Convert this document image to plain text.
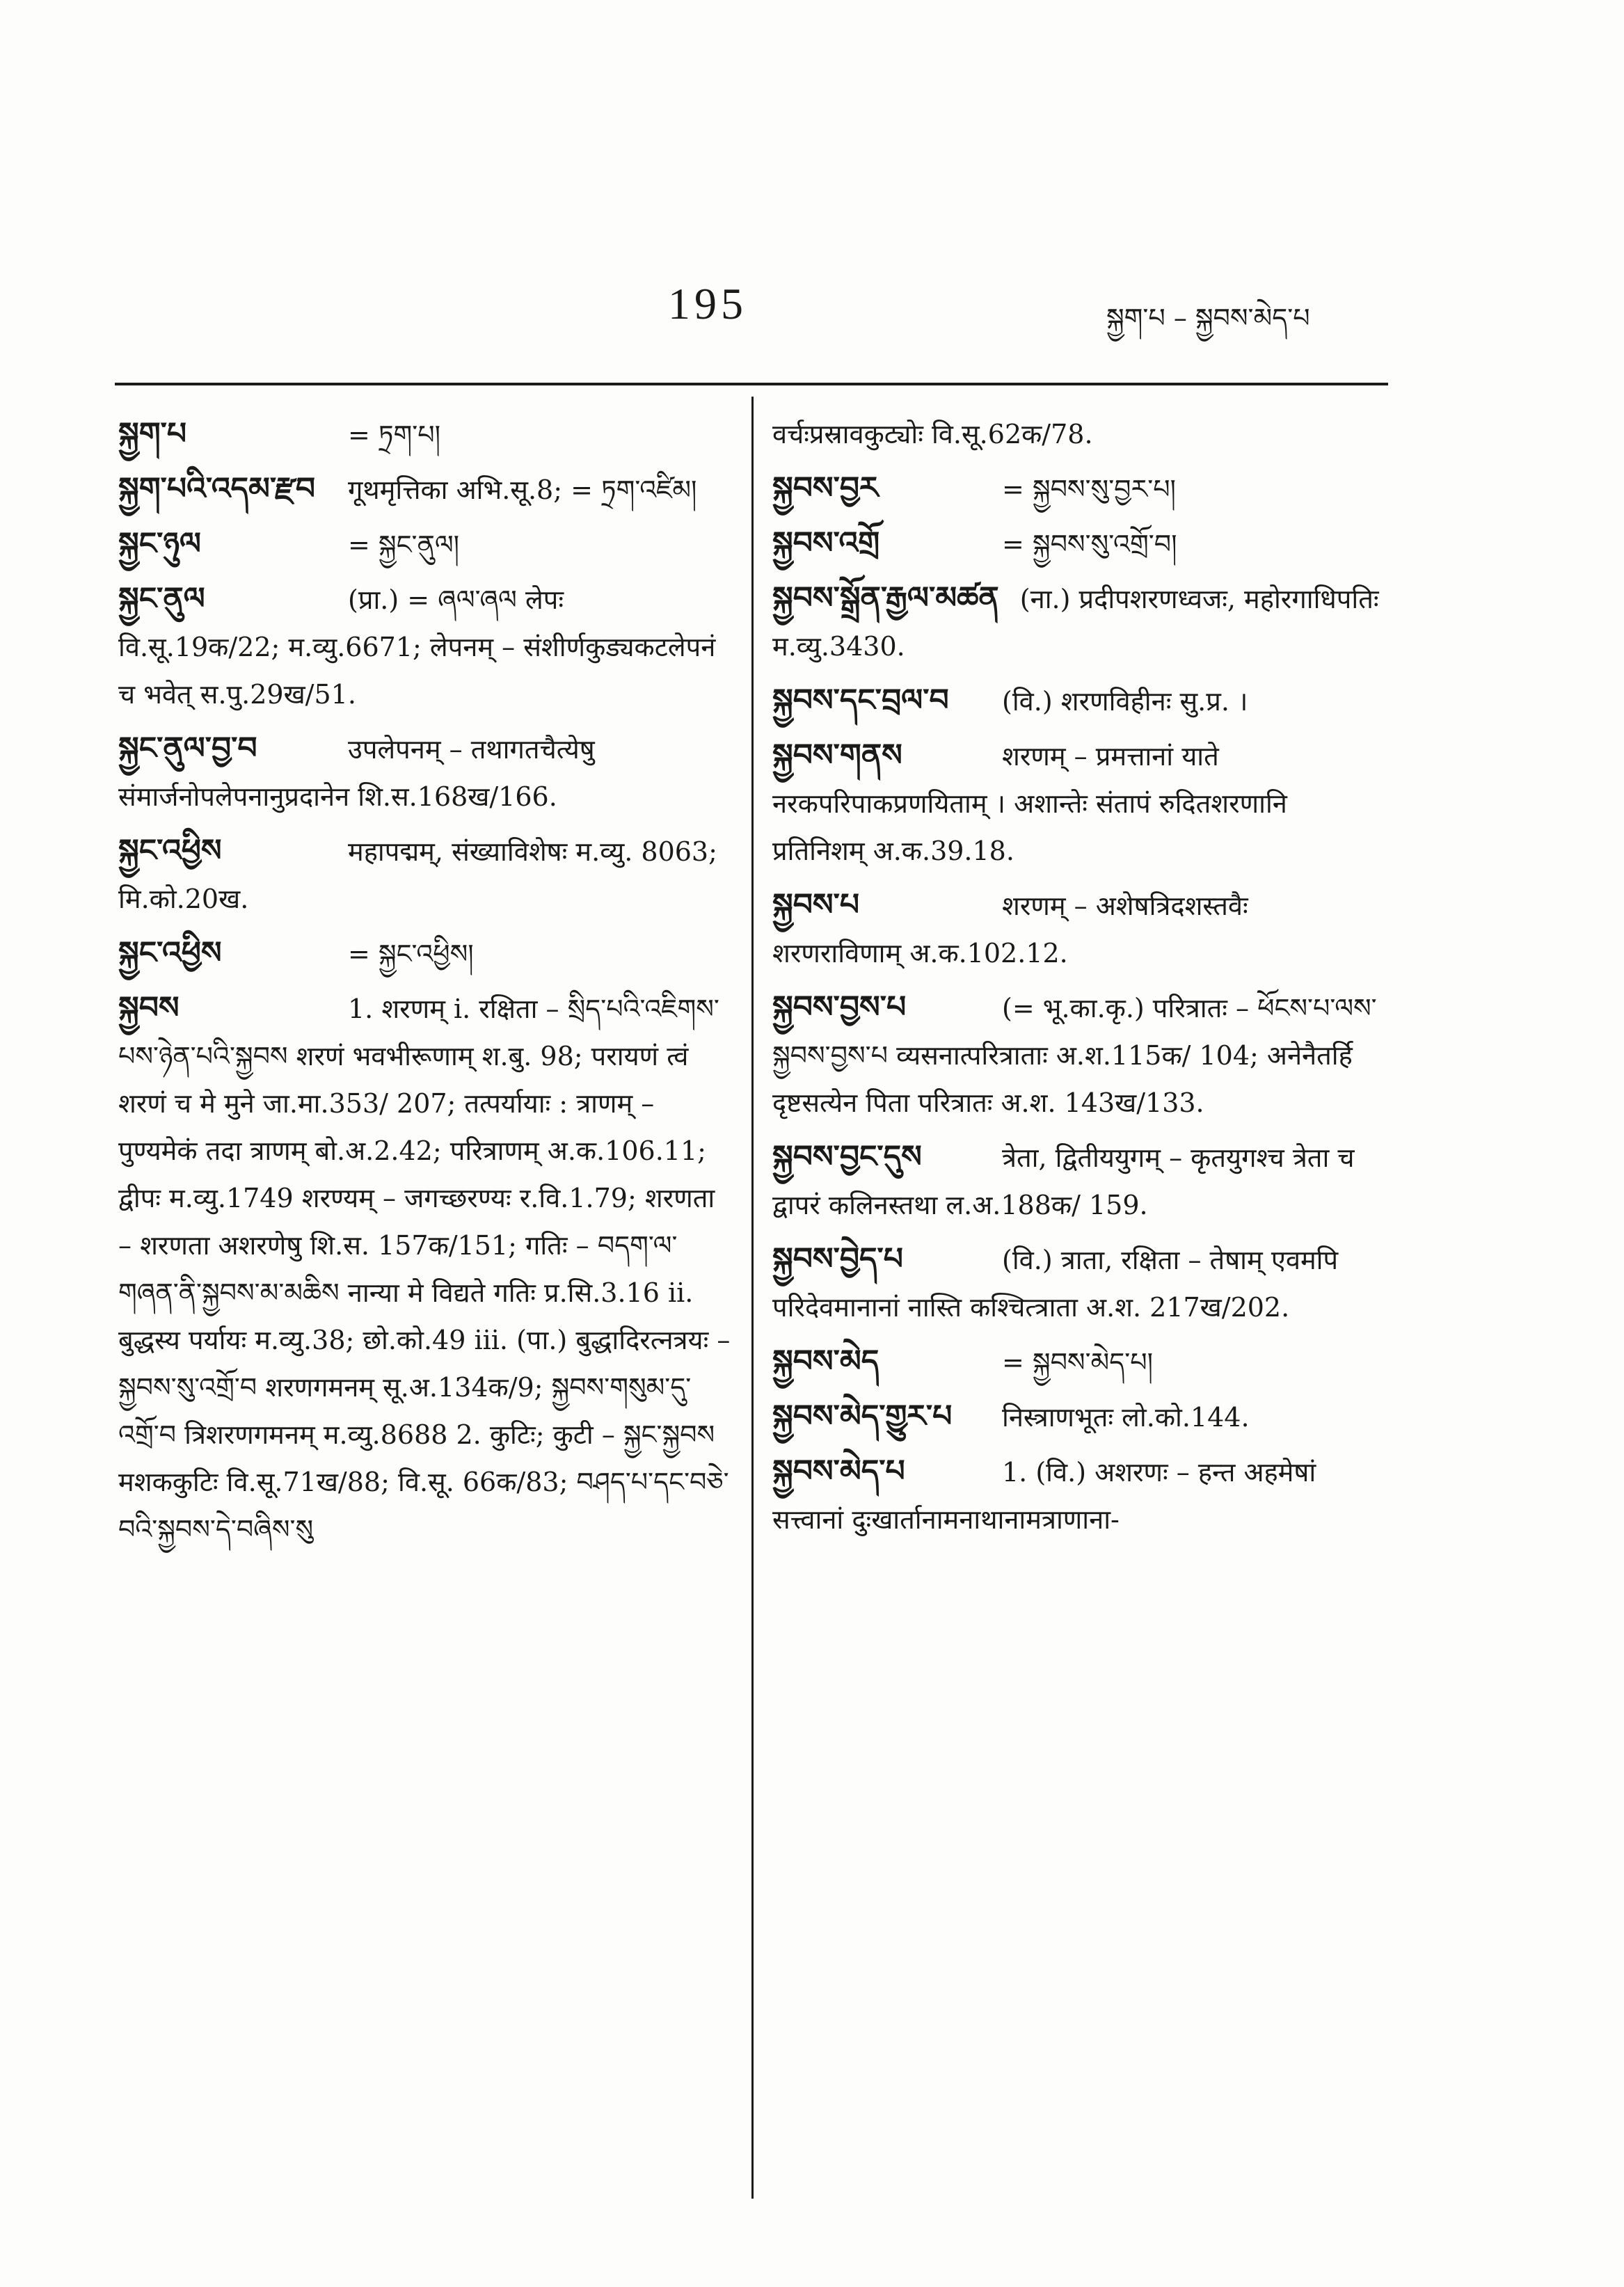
195	སྐྱག་པ – སྐྱབས་མེད་པ
སྐྱག་པ	= ཏྲག་པ།
སྐྱག་པའི་འདམ་རྫབ गूथमृत्तिका अभि.सू.8; = ཏྲག་འཛིམ།
སྐྱང་ཉུལ	= སྐྱང་ནུལ།
སྐྱང་ནུལ	(प्रा.) = ཞལ་ཞལ लेपः वि.सू.19क/22; म.व्यु.6671; लेपनम् – संशीर्णकुड्यकटलेपनं च भवेत् स.पु.29ख/51.
སྐྱང་ནུལ་བྱ་བ	उपलेपनम् – तथागतचैत्येषु संमार्जनोपलेपनानुप्रदानेन शि.स.168ख/166.
སྐྱང་འཕྱིས	महापद्मम्, संख्याविशेषः म.व्यु. 8063; मि.को.20ख.
སྐྱང་འཕྱིས	= སྐྱང་འཕྱིས།
སྐྱབས	1. शरणम् i. रक्षिता – སྲིད་པའི་འཇིགས་པས་ཉེན་པའི་སྐྱབས शरणं भवभीरूणाम् श.बु. 98; परायणं त्वं शरणं च मे मुने जा.मा.353/ 207; तत्पर्यायाः : त्राणम् – पुण्यमेकं तदा त्राणम् बो.अ.2.42; परित्राणम् अ.क.106.11; द्वीपः म.व्यु.1749 शरण्यम् – जगच्छरण्यः र.वि.1.79; शरणता – शरणता अशरणेषु शि.स. 157क/151; गतिः – བདག་ལ་གཞན་ནི་སྐྱབས་མ་མཆིས नान्या मे विद्यते गतिः प्र.सि.3.16 ii. बुद्धस्य पर्यायः म.व्यु.38; छो.को.49 iii. (पा.) बुद्धादिरत्नत्रयः – སྐྱབས་སུ་འགྲོ་བ शरणगमनम् सू.अ.134क/9; སྐྱབས་གསུམ་དུ་འགྲོ་བ त्रिशरणगमनम् म.व्यु.8688 2. कुटिः; कुटी – སྐྱང་སྐྱབས मशककुटिः वि.सू.71ख/88; वि.सू. 66क/83; བཤད་པ་དང་བཅེ་བའི་སྐྱབས་དེ་བཞིས་སུ
वर्चःप्रस्रावकुट्योः वि.सू.62क/78.
སྐྱབས་བྱར	= སྐྱབས་སུ་བྱར་པ།
སྐྱབས་འགྲོ	= སྐྱབས་སུ་འགྲོ་བ།
སྐྱབས་སྒྲོན་རྒྱལ་མཚན (ना.) प्रदीपशरणध्वजः, महोरगाधिपतिः म.व्यु.3430.
སྐྱབས་དང་བྲལ་བ (वि.) शरणविहीनः सु.प्र. ।
སྐྱབས་གནས	शरणम् – प्रमत्तानां याते नरकपरिपाकप्रणयिताम् । अशान्तेः संतापं रुदितशरणानि प्रतिनिशम् अ.क.39.18.
སྐྱབས་པ	शरणम् – अशेषत्रिदशस्तवैः शरणराविणाम् अ.क.102.12.
སྐྱབས་བྱས་པ	(= भू.का.कृ.) परित्रातः – ཕོངས་པ་ལས་སྐྱབས་བྱས་པ व्यसनात्परित्राताः अ.श.115क/ 104; अनेनैतर्हि दृष्टसत्येन पिता परित्रातः अ.श. 143ख/133.
སྐྱབས་བྱང་དུས	त्रेता, द्वितीययुगम् – कृतयुगश्च त्रेता च द्वापरं कलिनस्तथा ल.अ.188क/ 159.
སྐྱབས་བྱེད་པ	(वि.) त्राता, रक्षिता – तेषाम् एवमपि परिदेवमानानां नास्ति कश्चित्त्राता अ.श. 217ख/202.
སྐྱབས་མེད	= སྐྱབས་མེད་པ།
སྐྱབས་མེད་གྱུར་པ निस्त्राणभूतः लो.को.144.
སྐྱབས་མེད་པ	1. (वि.) अशरणः – हन्त अहमेषां सत्त्वानां दुःखार्तानामनाथानामत्राणाना-
